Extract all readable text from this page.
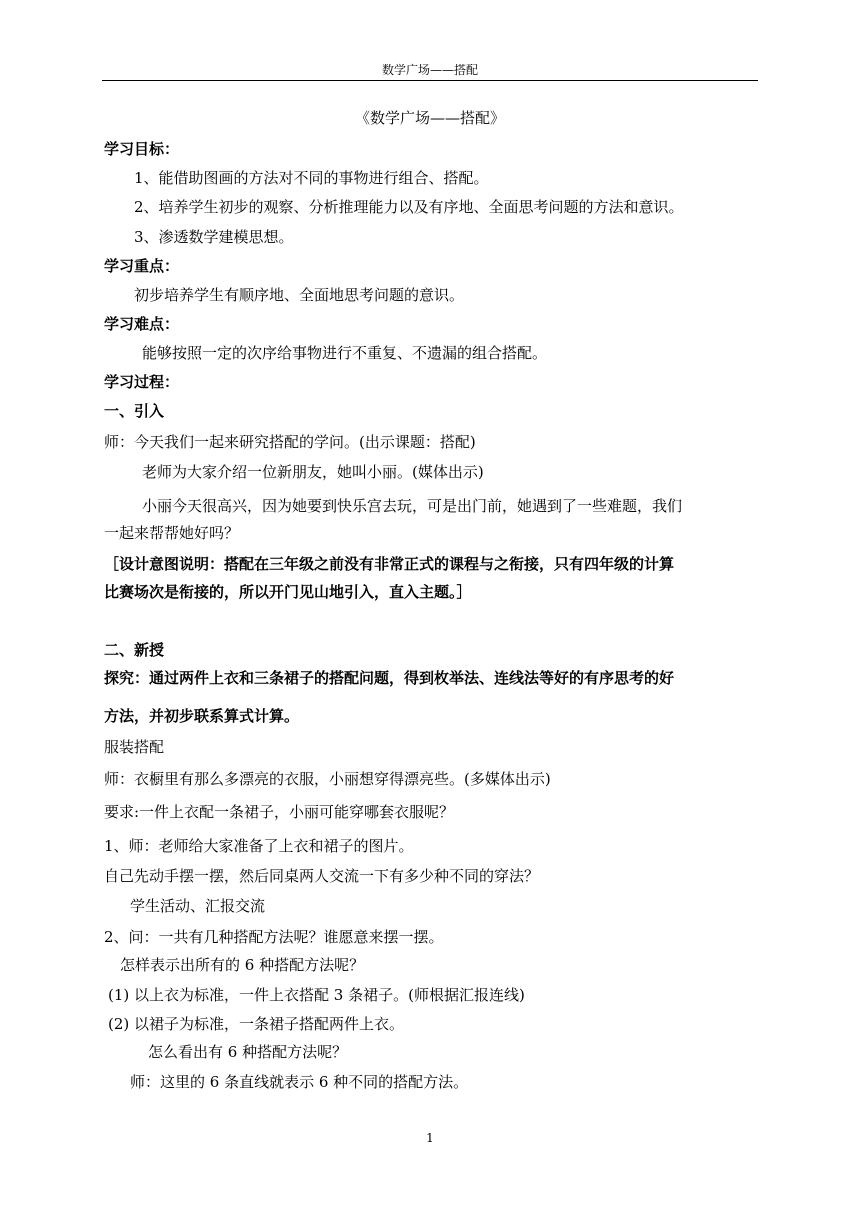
数学广场——搭配
《数学广场——搭配》
学习目标：
1、能借助图画的方法对不同的事物进行组合、搭配。
2、培养学生初步的观察、分析推理能力以及有序地、全面思考问题的方法和意识。
3、渗透数学建模思想。
学习重点：
初步培养学生有顺序地、全面地思考问题的意识。
学习难点：
能够按照一定的次序给事物进行不重复、不遗漏的组合搭配。
学习过程：
一、引入
师：今天我们一起来研究搭配的学问。(出示课题：搭配)
老师为大家介绍一位新朋友，她叫小丽。(媒体出示)
小丽今天很高兴，因为她要到快乐宫去玩，可是出门前，她遇到了一些难题，我们
一起来帮帮她好吗？
［设计意图说明：搭配在三年级之前没有非常正式的课程与之衔接，只有四年级的计算
比赛场次是衔接的，所以开门见山地引入，直入主题。］
二、新授
探究：通过两件上衣和三条裙子的搭配问题，得到枚举法、连线法等好的有序思考的好
方法，并初步联系算式计算。
服装搭配
师：衣橱里有那么多漂亮的衣服，小丽想穿得漂亮些。(多媒体出示)
要求:一件上衣配一条裙子，小丽可能穿哪套衣服呢？
1、师：老师给大家准备了上衣和裙子的图片。
自己先动手摆一摆，然后同桌两人交流一下有多少种不同的穿法？
学生活动、汇报交流
2、问：一共有几种搭配方法呢？谁愿意来摆一摆。
怎样表示出所有的 6 种搭配方法呢？
(1) 以上衣为标准，一件上衣搭配 3 条裙子。(师根据汇报连线)
(2) 以裙子为标准，一条裙子搭配两件上衣。
怎么看出有 6 种搭配方法呢？
师：这里的 6 条直线就表示 6 种不同的搭配方法。
1
